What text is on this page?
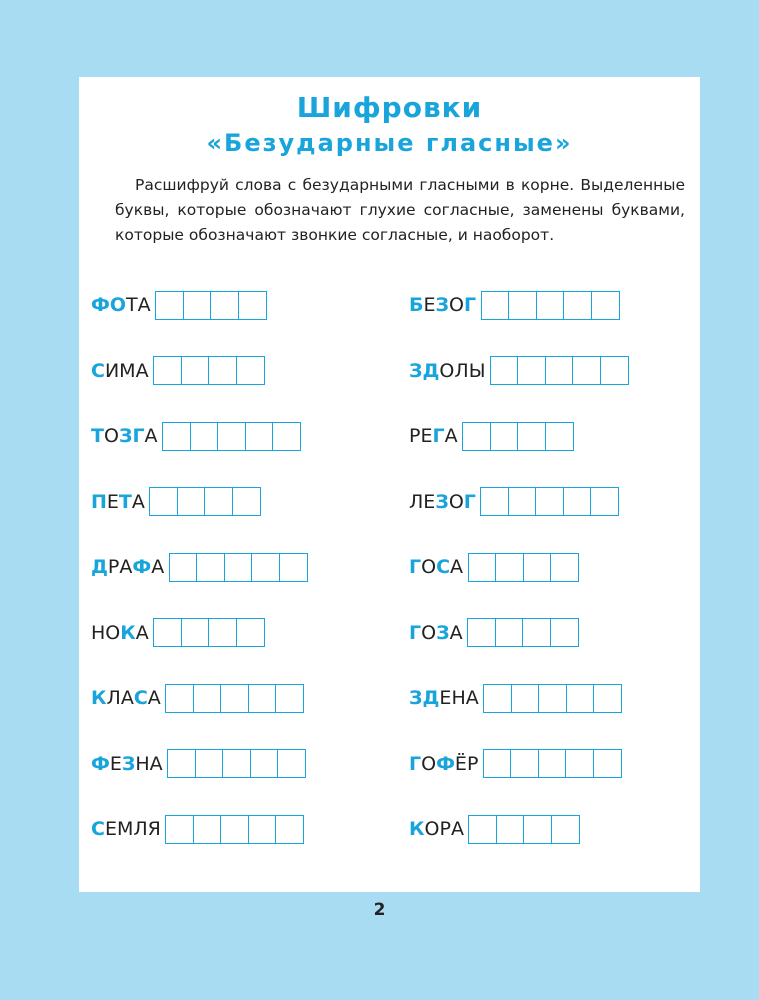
Шифровки
«Безударные гласные»
Расшифруй слова с безударными гласными в корне. Выделенные буквы, которые обозначают глухие согласные, заменены буквами, которые обозначают звонкие согласные, и наоборот.
Ф О Т А
С И М А
Т О З Г А
П Е Т А
Д Р А Ф А
Н О К А
К Л А С А
Ф Е З Н А
С Е М Л Я
Б Е З О Г
З Д О Л Ы
Р Е Г А
Л Е З О Г
Г О С А
Г О З А
З Д Е Н А
Г О Ф Ё Р
К О Р А
2
